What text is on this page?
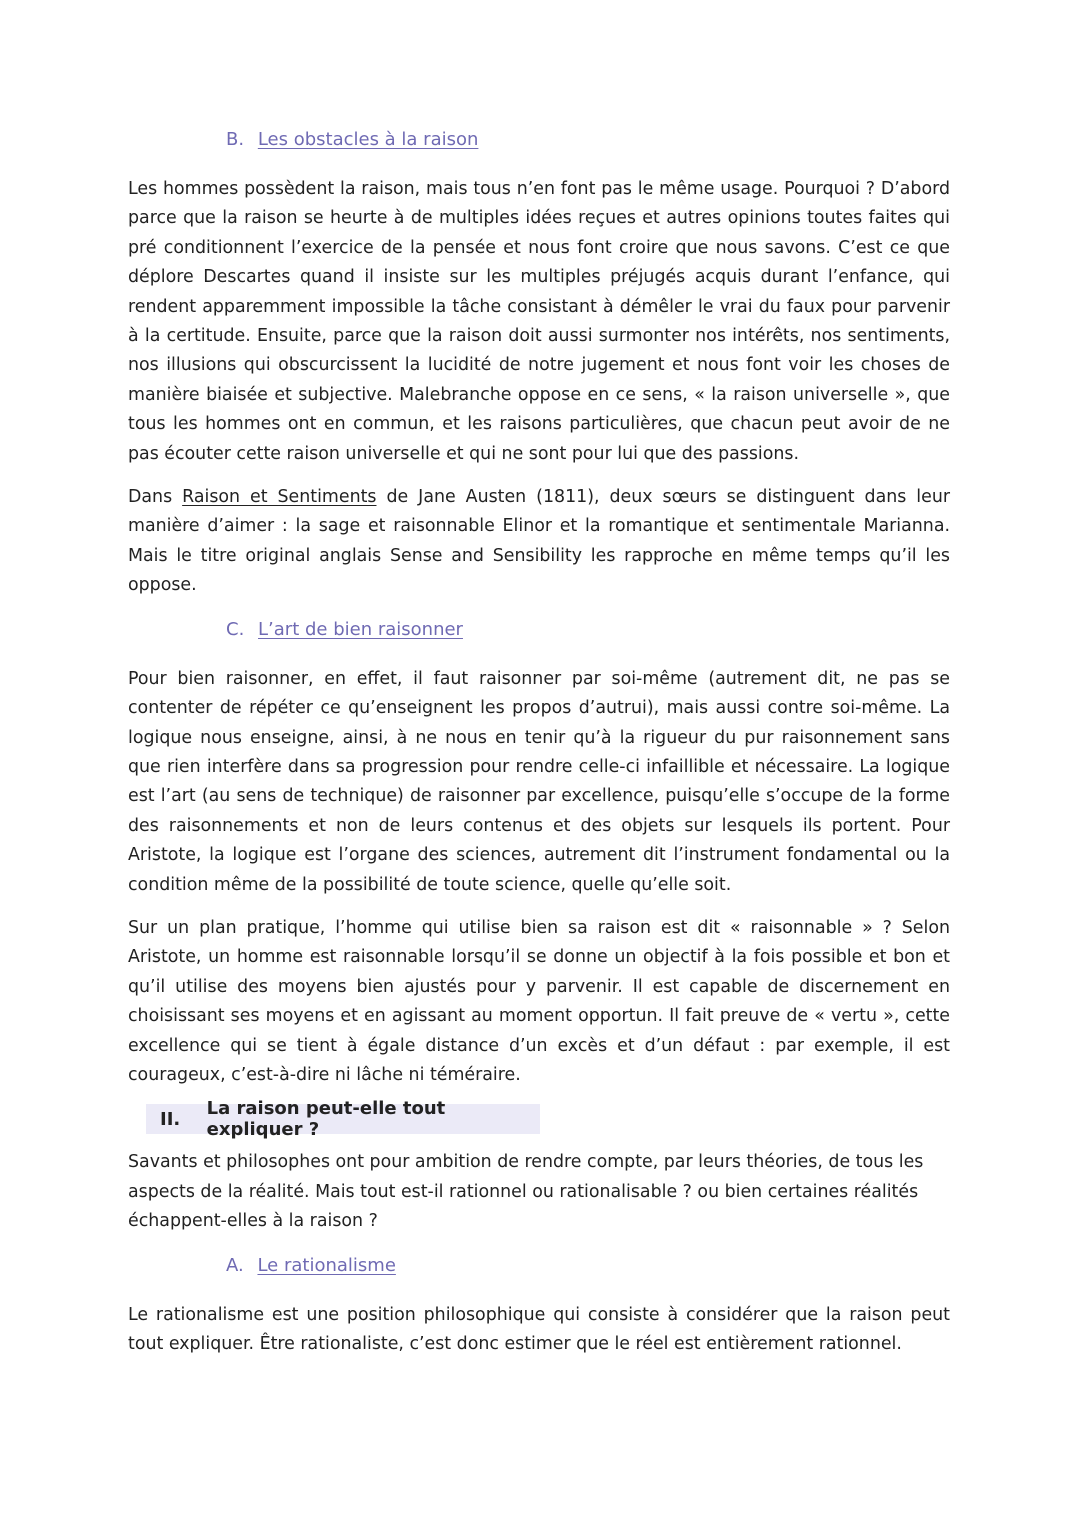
B. Les obstacles à la raison

Les hommes possèdent la raison, mais tous n’en font pas le même usage. Pourquoi ? D’abord parce que la raison se heurte à de multiples idées reçues et autres opinions toutes faites qui pré conditionnent l’exercice de la pensée et nous font croire que nous savons. C’est ce que déplore Descartes quand il insiste sur les multiples préjugés acquis durant l’enfance, qui rendent apparemment impossible la tâche consistant à démêler le vrai du faux pour parvenir à la certitude. Ensuite, parce que la raison doit aussi surmonter nos intérêts, nos sentiments, nos illusions qui obscurcissent la lucidité de notre jugement et nous font voir les choses de manière biaisée et subjective. Malebranche oppose en ce sens, « la raison universelle », que tous les hommes ont en commun, et les raisons particulières, que chacun peut avoir de ne pas écouter cette raison universelle et qui ne sont pour lui que des passions.

Dans Raison et Sentiments de Jane Austen (1811), deux sœurs se distinguent dans leur manière d’aimer : la sage et raisonnable Elinor et la romantique et sentimentale Marianna. Mais le titre original anglais Sense and Sensibility les rapproche en même temps qu’il les oppose.

C. L’art de bien raisonner

Pour bien raisonner, en effet, il faut raisonner par soi-même (autrement dit, ne pas se contenter de répéter ce qu’enseignent les propos d’autrui), mais aussi contre soi-même. La logique nous enseigne, ainsi, à ne nous en tenir qu’à la rigueur du pur raisonnement sans que rien interfère dans sa progression pour rendre celle-ci infaillible et nécessaire. La logique est l’art (au sens de technique) de raisonner par excellence, puisqu’elle s’occupe de la forme des raisonnements et non de leurs contenus et des objets sur lesquels ils portent. Pour Aristote, la logique est l’organe des sciences, autrement dit l’instrument fondamental ou la condition même de la possibilité de toute science, quelle qu’elle soit.

Sur un plan pratique, l’homme qui utilise bien sa raison est dit « raisonnable » ? Selon Aristote, un homme est raisonnable lorsqu’il se donne un objectif à la fois possible et bon et qu’il utilise des moyens bien ajustés pour y parvenir. Il est capable de discernement en choisissant ses moyens et en agissant au moment opportun. Il fait preuve de « vertu », cette excellence qui se tient à égale distance d’un excès et d’un défaut : par exemple, il est courageux, c’est-à-dire ni lâche ni téméraire.

II.	La raison peut-elle tout expliquer ?

Savants et philosophes ont pour ambition de rendre compte, par leurs théories, de tous les aspects de la réalité. Mais tout est-il rationnel ou rationalisable ? ou bien certaines réalités échappent-elles à la raison ?

A. Le rationalisme

Le rationalisme est une position philosophique qui consiste à considérer que la raison peut tout expliquer. Être rationaliste, c’est donc estimer que le réel est entièrement rationnel.
